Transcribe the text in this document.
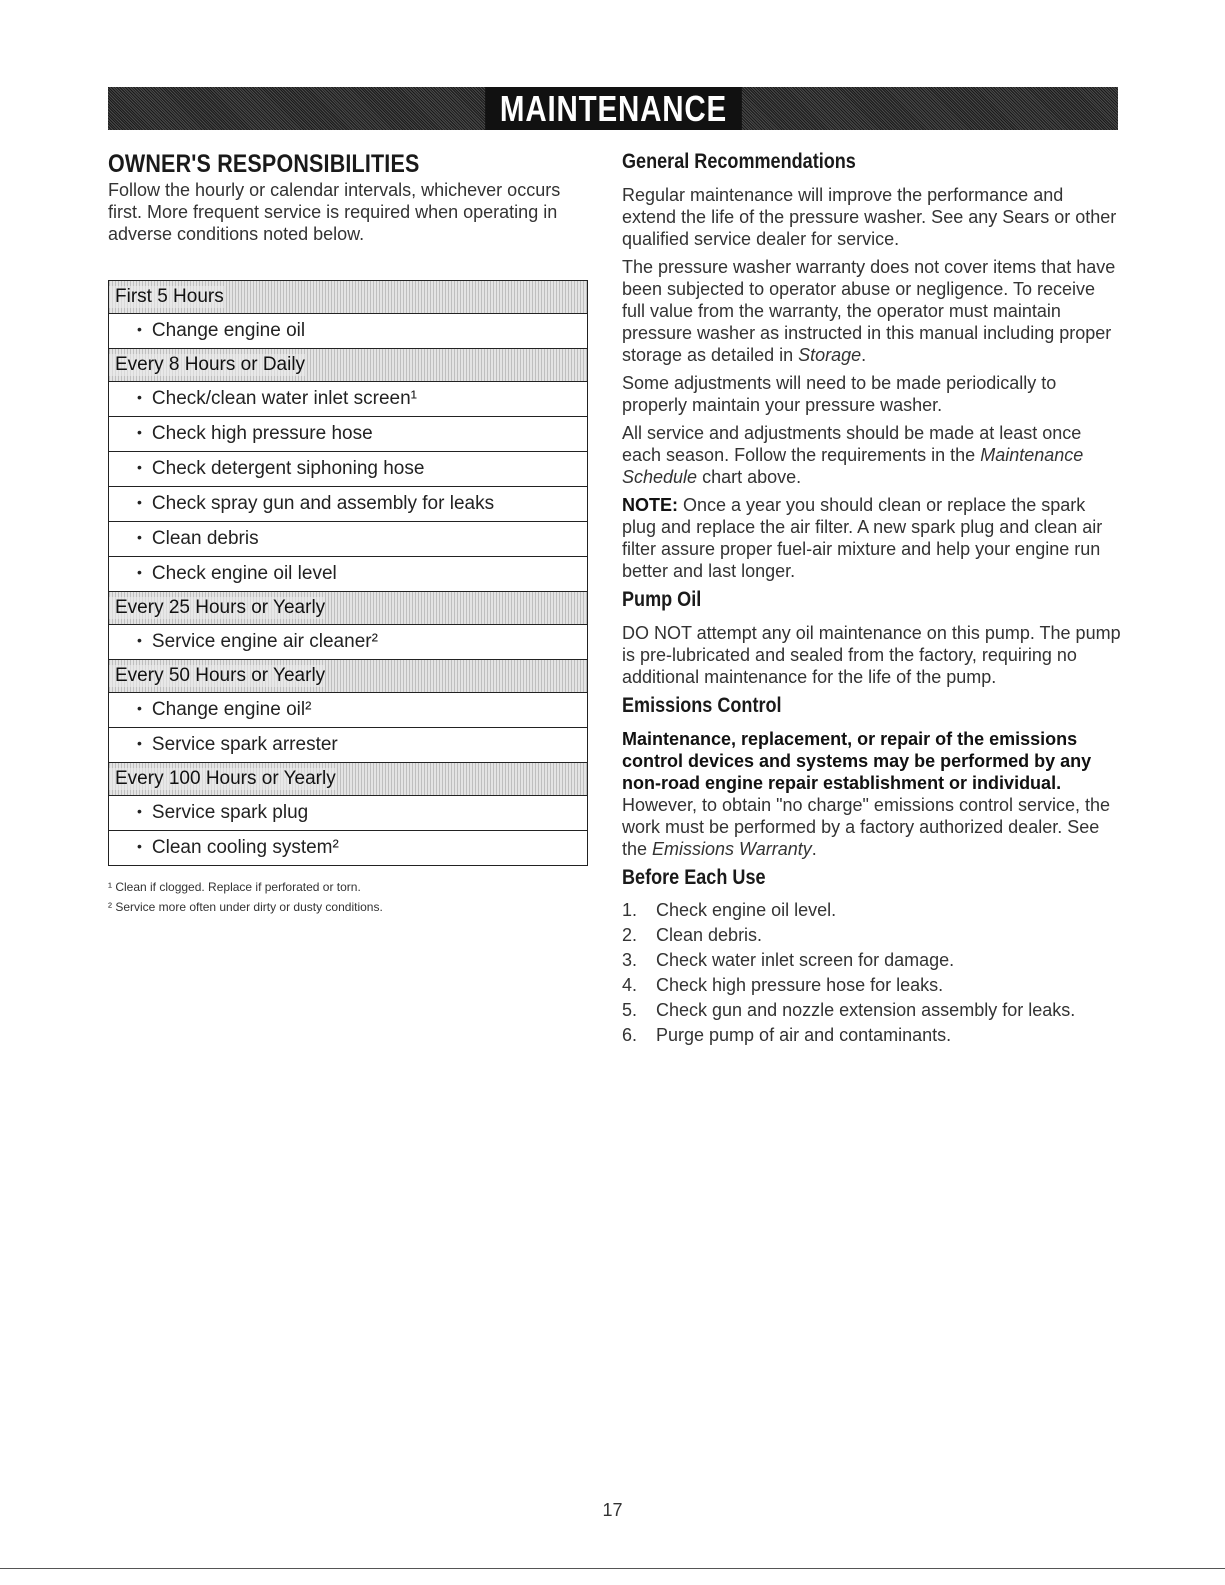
MAINTENANCE
OWNER'S RESPONSIBILITIES

Follow the hourly or calendar intervals, whichever occurs first. More frequent service is required when operating in adverse conditions noted below.

First 5 Hours
• Change engine oil
Every 8 Hours or Daily
• Check/clean water inlet screen¹
• Check high pressure hose
• Check detergent siphoning hose
• Check spray gun and assembly for leaks
• Clean debris
• Check engine oil level
Every 25 Hours or Yearly
• Service engine air cleaner²
Every 50 Hours or Yearly
• Change engine oil²
• Service spark arrester
Every 100 Hours or Yearly
• Service spark plug
• Clean cooling system²

¹ Clean if clogged. Replace if perforated or torn.

² Service more often under dirty or dusty conditions.

General Recommendations

Regular maintenance will improve the performance and extend the life of the pressure washer. See any Sears or other qualified service dealer for service.

The pressure washer warranty does not cover items that have been subjected to operator abuse or negligence. To receive full value from the warranty, the operator must maintain pressure washer as instructed in this manual including proper storage as detailed in Storage.

Some adjustments will need to be made periodically to properly maintain your pressure washer.

All service and adjustments should be made at least once each season. Follow the requirements in the Maintenance Schedule chart above.

NOTE: Once a year you should clean or replace the spark plug and replace the air filter. A new spark plug and clean air filter assure proper fuel-air mixture and help your engine run better and last longer.

Pump Oil

DO NOT attempt any oil maintenance on this pump. The pump is pre-lubricated and sealed from the factory, requiring no additional maintenance for the life of the pump.

Emissions Control

Maintenance, replacement, or repair of the emissions control devices and systems may be performed by any non-road engine repair establishment or individual. However, to obtain "no charge" emissions control service, the work must be performed by a factory authorized dealer. See the Emissions Warranty.

Before Each Use
1.	Check engine oil level.
2.	Clean debris.
3.	Check water inlet screen for damage.
4.	Check high pressure hose for leaks.
5.	Check gun and nozzle extension assembly for leaks.
6.	Purge pump of air and contaminants.
17
